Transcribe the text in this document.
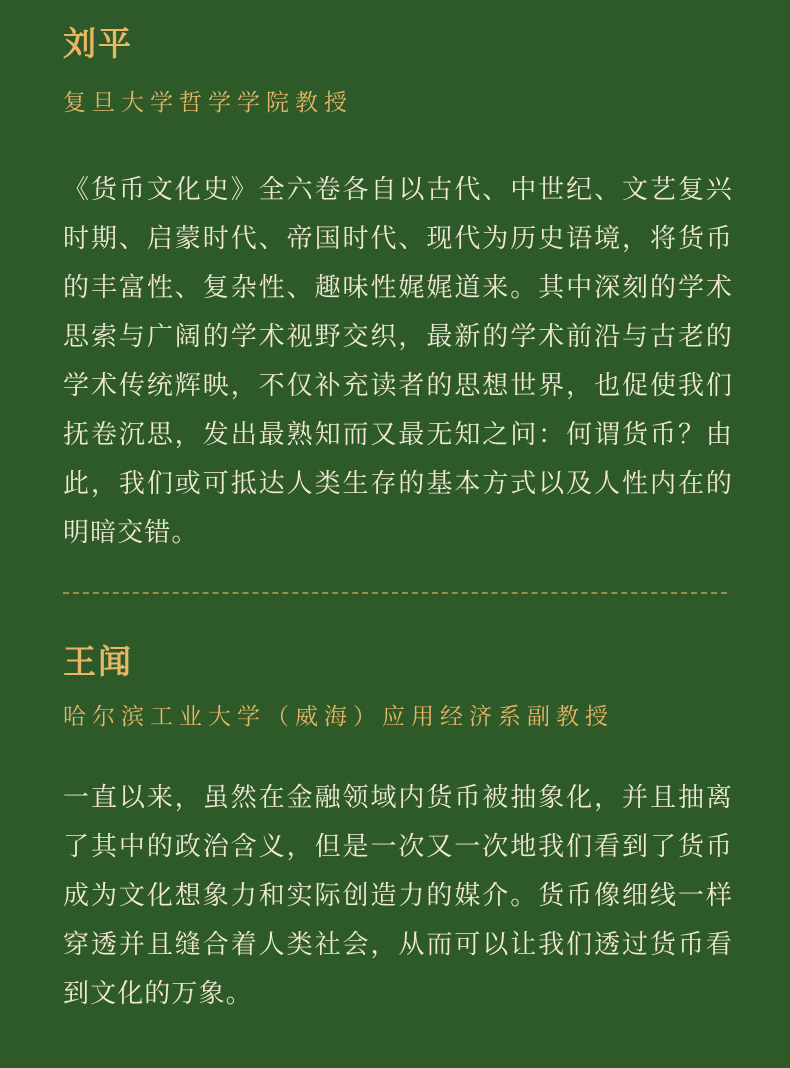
刘平
复旦大学哲学学院教授

《货币文化史》全六卷各自以古代、中世纪、文艺复兴时期、启蒙时代、帝国时代、现代为历史语境，将货币的丰富性、复杂性、趣味性娓娓道来。其中深刻的学术思索与广阔的学术视野交织，最新的学术前沿与古老的学术传统辉映，不仅补充读者的思想世界，也促使我们抚卷沉思，发出最熟知而又最无知之问：何谓货币？由此，我们或可抵达人类生存的基本方式以及人性内在的明暗交错。

王闻
哈尔滨工业大学（威海）应用经济系副教授

一直以来，虽然在金融领域内货币被抽象化，并且抽离了其中的政治含义，但是一次又一次地我们看到了货币成为文化想象力和实际创造力的媒介。货币像细线一样穿透并且缝合着人类社会，从而可以让我们透过货币看到文化的万象。
